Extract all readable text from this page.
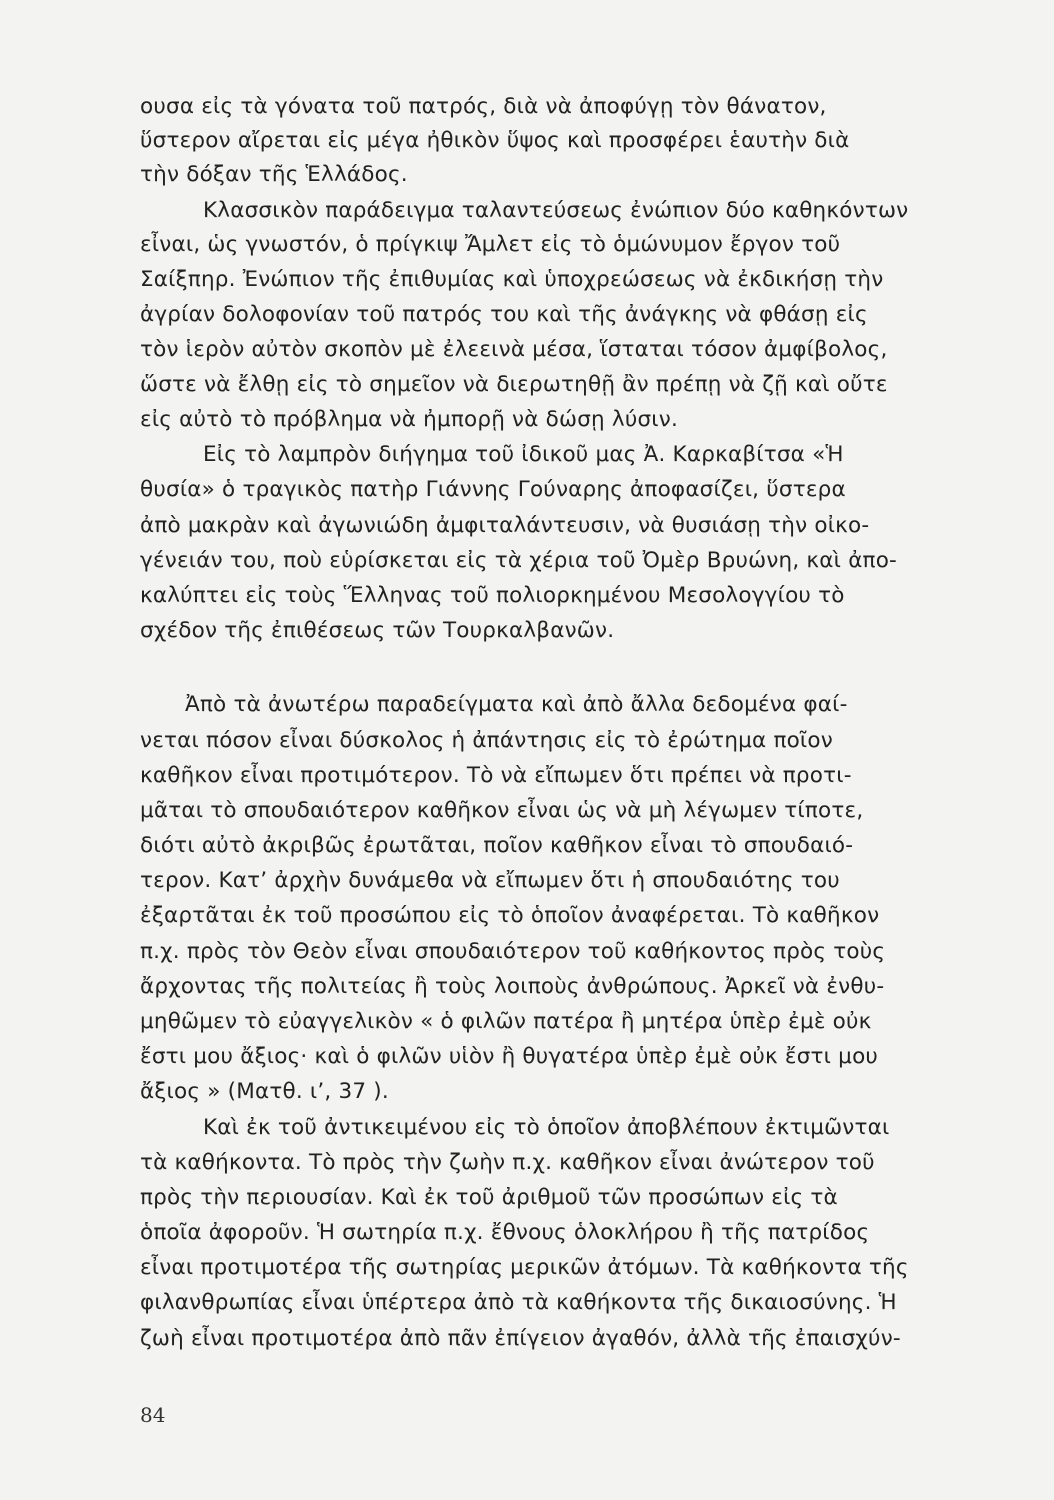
ουσα εἰς τὰ γόνατα τοῦ πατρός, διὰ νὰ ἀποφύγῃ τὸν θάνατον,
ὕστερον αἴρεται εἰς μέγα ἠθικὸν ὕψος καὶ προσφέρει ἑαυτὴν διὰ
τὴν δόξαν τῆς Ἑλλάδος.
Κλασσικὸν παράδειγμα ταλαντεύσεως ἐνώπιον δύο καθηκόντων
εἶναι, ὡς γνωστόν, ὁ πρίγκιψ Ἄμλετ εἰς τὸ ὁμώνυμον ἔργον τοῦ
Σαίξπηρ. Ἐνώπιον τῆς ἐπιθυμίας καὶ ὑποχρεώσεως νὰ ἐκδικήσῃ τὴν
ἀγρίαν δολοφονίαν τοῦ πατρός του καὶ τῆς ἀνάγκης νὰ φθάσῃ εἰς
τὸν ἱερὸν αὐτὸν σκοπὸν μὲ ἐλεεινὰ μέσα, ἵσταται τόσον ἀμφίβολος,
ὥστε νὰ ἔλθῃ εἰς τὸ σημεῖον νὰ διερωτηθῇ ἂν πρέπῃ νὰ ζῇ καὶ οὔτε
εἰς αὐτὸ τὸ πρόβλημα νὰ ἠμπορῇ νὰ δώσῃ λύσιν.
Εἰς τὸ λαμπρὸν διήγημα τοῦ ἰδικοῦ μας Ἀ. Καρκαβίτσα «Ἡ
θυσία» ὁ τραγικὸς πατὴρ Γιάννης Γούναρης ἀποφασίζει, ὕστερα
ἀπὸ μακρὰν καὶ ἀγωνιώδη ἀμφιταλάντευσιν, νὰ θυσιάσῃ τὴν οἰκο-
γένειάν του, ποὺ εὑρίσκεται εἰς τὰ χέρια τοῦ Ὀμὲρ Βρυώνη, καὶ ἀπο-
καλύπτει εἰς τοὺς Ἕλληνας τοῦ πολιορκημένου Μεσολογγίου τὸ
σχέδον τῆς ἐπιθέσεως τῶν Τουρκαλβανῶν.
Ἀπὸ τὰ ἀνωτέρω παραδείγματα καὶ ἀπὸ ἄλλα δεδομένα φαί-
νεται πόσον εἶναι δύσκολος ἡ ἀπάντησις εἰς τὸ ἐρώτημα ποῖον
καθῆκον εἶναι προτιμότερον. Τὸ νὰ εἴπωμεν ὅτι πρέπει νὰ προτι-
μᾶται τὸ σπουδαιότερον καθῆκον εἶναι ὡς νὰ μὴ λέγωμεν τίποτε,
διότι αὐτὸ ἀκριβῶς ἐρωτᾶται, ποῖον καθῆκον εἶναι τὸ σπουδαιό-
τερον. Κατ’ ἀρχὴν δυνάμεθα νὰ εἴπωμεν ὅτι ἡ σπουδαιότης του
ἐξαρτᾶται ἐκ τοῦ προσώπου εἰς τὸ ὁποῖον ἀναφέρεται. Τὸ καθῆκον
π.χ. πρὸς τὸν Θεὸν εἶναι σπουδαιότερον τοῦ καθήκοντος πρὸς τοὺς
ἄρχοντας τῆς πολιτείας ἢ τοὺς λοιποὺς ἀνθρώπους. Ἀρκεῖ νὰ ἐνθυ-
μηθῶμεν τὸ εὐαγγελικὸν « ὁ φιλῶν πατέρα ἢ μητέρα ὑπὲρ ἐμὲ οὐκ
ἔστι μου ἄξιος· καὶ ὁ φιλῶν υἱὸν ἢ θυγατέρα ὑπὲρ ἐμὲ οὐκ ἔστι μου
ἄξιος » (Ματθ. ι’, 37 ).
Καὶ ἐκ τοῦ ἀντικειμένου εἰς τὸ ὁποῖον ἀποβλέπουν ἐκτιμῶνται
τὰ καθήκοντα. Τὸ πρὸς τὴν ζωὴν π.χ. καθῆκον εἶναι ἀνώτερον τοῦ
πρὸς τὴν περιουσίαν. Καὶ ἐκ τοῦ ἀριθμοῦ τῶν προσώπων εἰς τὰ
ὁποῖα ἀφοροῦν. Ἡ σωτηρία π.χ. ἔθνους ὁλοκλήρου ἢ τῆς πατρίδος
εἶναι προτιμοτέρα τῆς σωτηρίας μερικῶν ἀτόμων. Τὰ καθήκοντα τῆς
φιλανθρωπίας εἶναι ὑπέρτερα ἀπὸ τὰ καθήκοντα τῆς δικαιοσύνης. Ἡ
ζωὴ εἶναι προτιμοτέρα ἀπὸ πᾶν ἐπίγειον ἀγαθόν, ἀλλὰ τῆς ἐπαισχύν-
84
